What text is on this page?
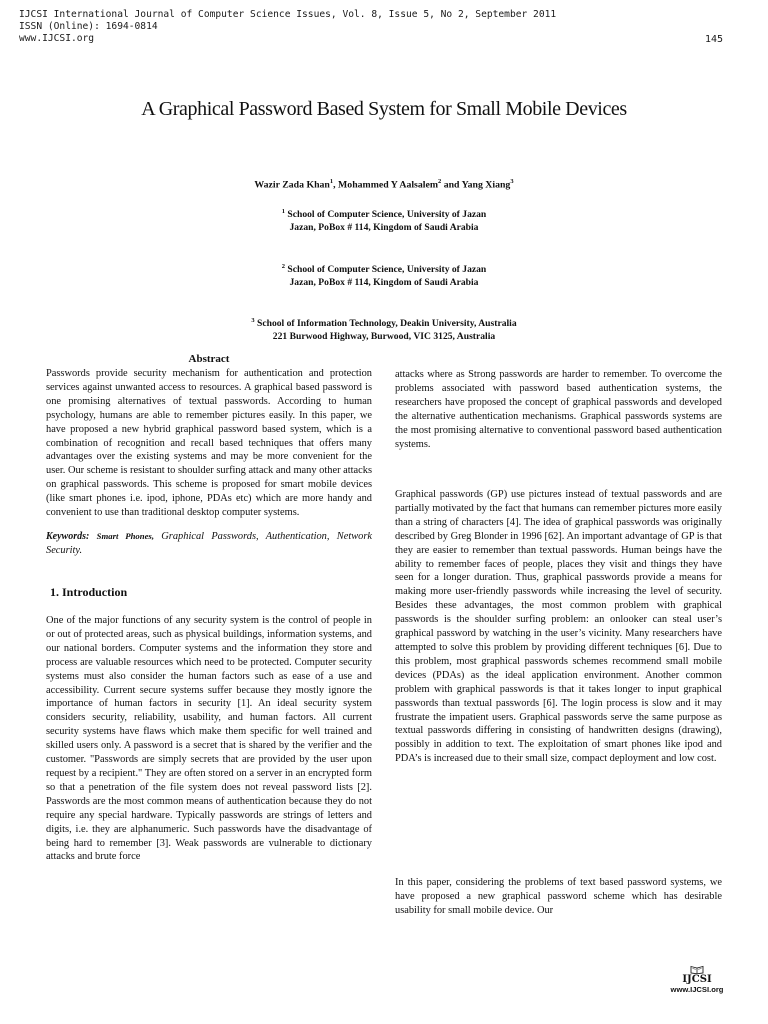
IJCSI International Journal of Computer Science Issues, Vol. 8, Issue 5, No 2, September 2011
ISSN (Online): 1694-0814
www.IJCSI.org	145
A Graphical Password Based System for Small Mobile Devices
Wazir Zada Khan$^1$, Mohammed Y Aalsalem$^2$ and Yang Xiang$^3$
$^1$ School of Computer Science, University of Jazan
Jazan, PoBox # 114, Kingdom of Saudi Arabia
$^2$ School of Computer Science, University of Jazan
Jazan, PoBox # 114, Kingdom of Saudi Arabia
$^3$ School of Information Technology, Deakin University, Australia
221 Burwood Highway, Burwood, VIC 3125, Australia
Abstract

Passwords provide security mechanism for authentication and protection services against unwanted access to resources. A graphical based password is one promising alternatives of textual passwords. According to human psychology, humans are able to remember pictures easily. In this paper, we have proposed a new hybrid graphical password based system, which is a combination of recognition and recall based techniques that offers many advantages over the existing systems and may be more convenient for the user. Our scheme is resistant to shoulder surfing attack and many other attacks on graphical passwords. This scheme is proposed for smart mobile devices (like smart phones i.e. ipod, iphone, PDAs etc) which are more handy and convenient to use than traditional desktop computer systems.

Keywords: Smart Phones, Graphical Passwords, Authentication, Network Security.

1. Introduction

One of the major functions of any security system is the control of people in or out of protected areas, such as physical buildings, information systems, and our national borders. Computer systems and the information they store and process are valuable resources which need to be protected. Computer security systems must also consider the human factors such as ease of a use and accessibility. Current secure systems suffer because they mostly ignore the importance of human factors in security [1]. An ideal security system considers security, reliability, usability, and human factors. All current security systems have flaws which make them specific for well trained and skilled users only. A password is a secret that is shared by the verifier and the customer. "Passwords are simply secrets that are provided by the user upon request by a recipient." They are often stored on a server in an encrypted form so that a penetration of the file system does not reveal password lists [2]. Passwords are the most common means of authentication because they do not require any special hardware. Typically passwords are strings of letters and digits, i.e. they are alphanumeric. Such passwords have the disadvantage of being hard to remember [3]. Weak passwords are vulnerable to dictionary attacks and brute force

attacks where as Strong passwords are harder to remember. To overcome the problems associated with password based authentication systems, the researchers have proposed the concept of graphical passwords and developed the alternative authentication mechanisms. Graphical passwords systems are the most promising alternative to conventional password based authentication systems.

Graphical passwords (GP) use pictures instead of textual passwords and are partially motivated by the fact that humans can remember pictures more easily than a string of characters [4]. The idea of graphical passwords was originally described by Greg Blonder in 1996 [62]. An important advantage of GP is that they are easier to remember than textual passwords. Human beings have the ability to remember faces of people, places they visit and things they have seen for a longer duration. Thus, graphical passwords provide a means for making more user-friendly passwords while increasing the level of security. Besides these advantages, the most common problem with graphical passwords is the shoulder surfing problem: an onlooker can steal user’s graphical password by watching in the user’s vicinity. Many researchers have attempted to solve this problem by providing different techniques [6]. Due to this problem, most graphical passwords schemes recommend small mobile devices (PDAs) as the ideal application environment. Another common problem with graphical passwords is that it takes longer to input graphical passwords than textual passwords [6]. The login process is slow and it may frustrate the impatient users. Graphical passwords serve the same purpose as textual passwords differing in consisting of handwritten designs (drawing), possibly in addition to text. The exploitation of smart phones like ipod and PDA’s is increased due to their small size, compact deployment and low cost.

In this paper, considering the problems of text based password systems, we have proposed a new graphical password scheme which has desirable usability for small mobile device. Our

IJCSI
www.IJCSI.org
